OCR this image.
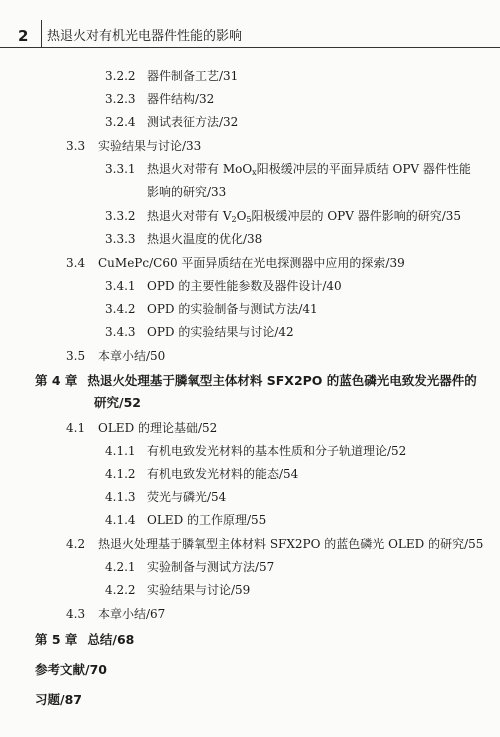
2 热退火对有机光电器件性能的影响
3.2.2 器件制备工艺/31
3.2.3 器件结构/32
3.2.4 测试表征方法/32
3.3 实验结果与讨论/33
3.3.1 热退火对带有 MoO$_x$阳极缓冲层的平面异质结 OPV 器件性能
影响的研究/33
3.3.2 热退火对带有 $V_2O_5$阳极缓冲层的 OPV 器件影响的研究/35
3.3.3 热退火温度的优化/38
3.4 CuMePc/C60 平面异质结在光电探测器中应用的探索/39
3.4.1 OPD 的主要性能参数及器件设计/40
3.4.2 OPD 的实验制备与测试方法/41
3.4.3 OPD 的实验结果与讨论/42
3.5 本章小结/50
第 4 章 热退火处理基于膦氧型主体材料 SFX2PO 的蓝色磷光电致发光器件的
研究/52
4.1 OLED 的理论基础/52
4.1.1 有机电致发光材料的基本性质和分子轨道理论/52
4.1.2 有机电致发光材料的能态/54
4.1.3 荧光与磷光/54
4.1.4 OLED 的工作原理/55
4.2 热退火处理基于膦氧型主体材料 SFX2PO 的蓝色磷光 OLED 的研究/55
4.2.1 实验制备与测试方法/57
4.2.2 实验结果与讨论/59
4.3 本章小结/67
第 5 章 总结/68
参考文献/70
习题/87
